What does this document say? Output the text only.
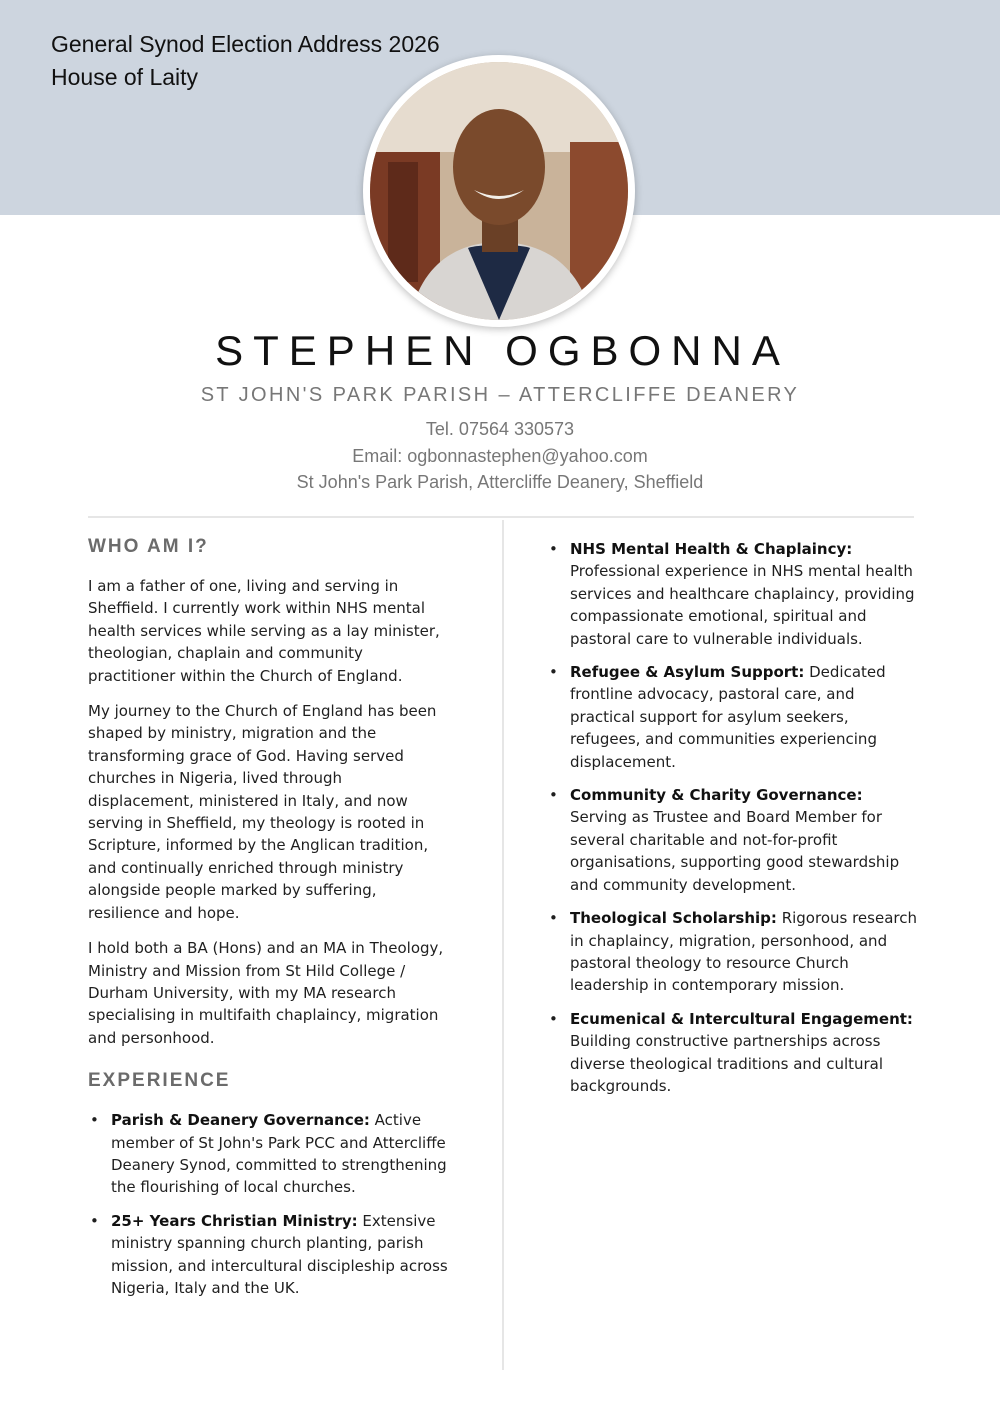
General Synod Election Address 2026
House of Laity
STEPHEN OGBONNA
ST JOHN'S PARK PARISH – ATTERCLIFFE DEANERY
Tel. 07564 330573
Email: ogbonnastephen@yahoo.com
St John's Park Parish, Attercliffe Deanery, Sheffield
WHO AM I?

I am a father of one, living and serving in Sheffield. I currently work within NHS mental health services while serving as a lay minister, theologian, chaplain and community practitioner within the Church of England.

My journey to the Church of England has been shaped by ministry, migration and the transforming grace of God. Having served churches in Nigeria, lived through displacement, ministered in Italy, and now serving in Sheffield, my theology is rooted in Scripture, informed by the Anglican tradition, and continually enriched through ministry alongside people marked by suffering, resilience and hope.

I hold both a BA (Hons) and an MA in Theology, Ministry and Mission from St Hild College / Durham University, with my MA research specialising in multifaith chaplaincy, migration and personhood.

EXPERIENCE
• Parish & Deanery Governance: Active member of St John's Park PCC and Attercliffe Deanery Synod, committed to strengthening the flourishing of local churches.
• 25+ Years Christian Ministry: Extensive ministry spanning church planting, parish mission, and intercultural discipleship across Nigeria, Italy and the UK.
• NHS Mental Health & Chaplaincy: Professional experience in NHS mental health services and healthcare chaplaincy, providing compassionate emotional, spiritual and pastoral care to vulnerable individuals.
• Refugee & Asylum Support: Dedicated frontline advocacy, pastoral care, and practical support for asylum seekers, refugees, and communities experiencing displacement.
• Community & Charity Governance: Serving as Trustee and Board Member for several charitable and not-for-profit organisations, supporting good stewardship and community development.
• Theological Scholarship: Rigorous research in chaplaincy, migration, personhood, and pastoral theology to resource Church leadership in contemporary mission.
• Ecumenical & Intercultural Engagement: Building constructive partnerships across diverse theological traditions and cultural backgrounds.
